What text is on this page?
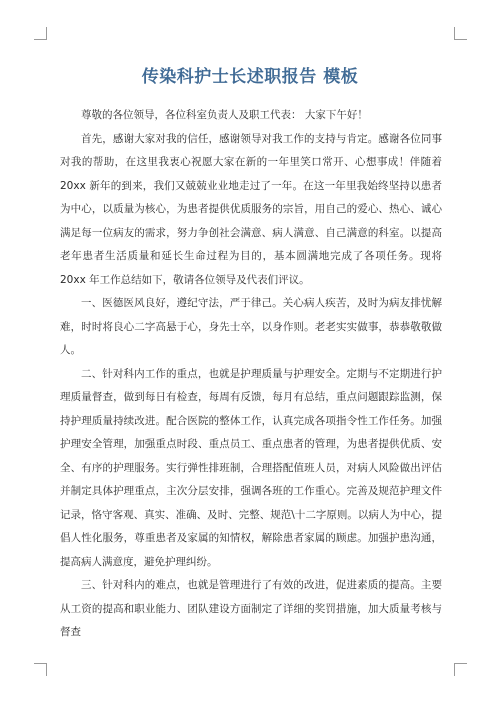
传染科护士长述职报告 模板

尊敬的各位领导，各位科室负责人及职工代表： 大家下午好！

首先，感谢大家对我的信任，感谢领导对我工作的支持与肯定。感谢各位同事对我的帮助，在这里我衷心祝愿大家在新的一年里笑口常开、心想事成！伴随着 20xx 新年的到来，我们又兢兢业业地走过了一年。在这一年里我始终坚持以患者为中心，以质量为核心，为患者提供优质服务的宗旨，用自己的爱心、热心、诚心满足每一位病友的需求，努力争创社会满意、病人满意、自己满意的科室。以提高老年患者生活质量和延长生命过程为目的，基本圆满地完成了各项任务。现将 20xx 年工作总结如下，敬请各位领导及代表们评议。

一、医德医风良好，遵纪守法，严于律己。关心病人疾苦，及时为病友排忧解难，时时将良心二字高悬于心，身先士卒，以身作则。老老实实做事，恭恭敬敬做人。

二、针对科内工作的重点，也就是护理质量与护理安全。定期与不定期进行护理质量督查，做到每日有检查，每周有反馈，每月有总结，重点问题跟踪监测，保持护理质量持续改进。配合医院的整体工作，认真完成各项指令性工作任务。加强护理安全管理，加强重点时段、重点员工、重点患者的管理，为患者提供优质、安全、有序的护理服务。实行弹性排班制，合理搭配值班人员，对病人风险做出评估并制定具体护理重点，主次分层安排，强调各班的工作重心。完善及规范护理文件记录，恪守客观、真实、准确、及时、完整、规范\十二字原则。以病人为中心，提倡人性化服务，尊重患者及家属的知情权，解除患者家属的顾虑。加强护患沟通，提高病人满意度，避免护理纠纷。

三、针对科内的难点，也就是管理进行了有效的改进，促进素质的提高。主要从工资的提高和职业能力、团队建设方面制定了详细的奖罚措施，加大质量考核与督查
